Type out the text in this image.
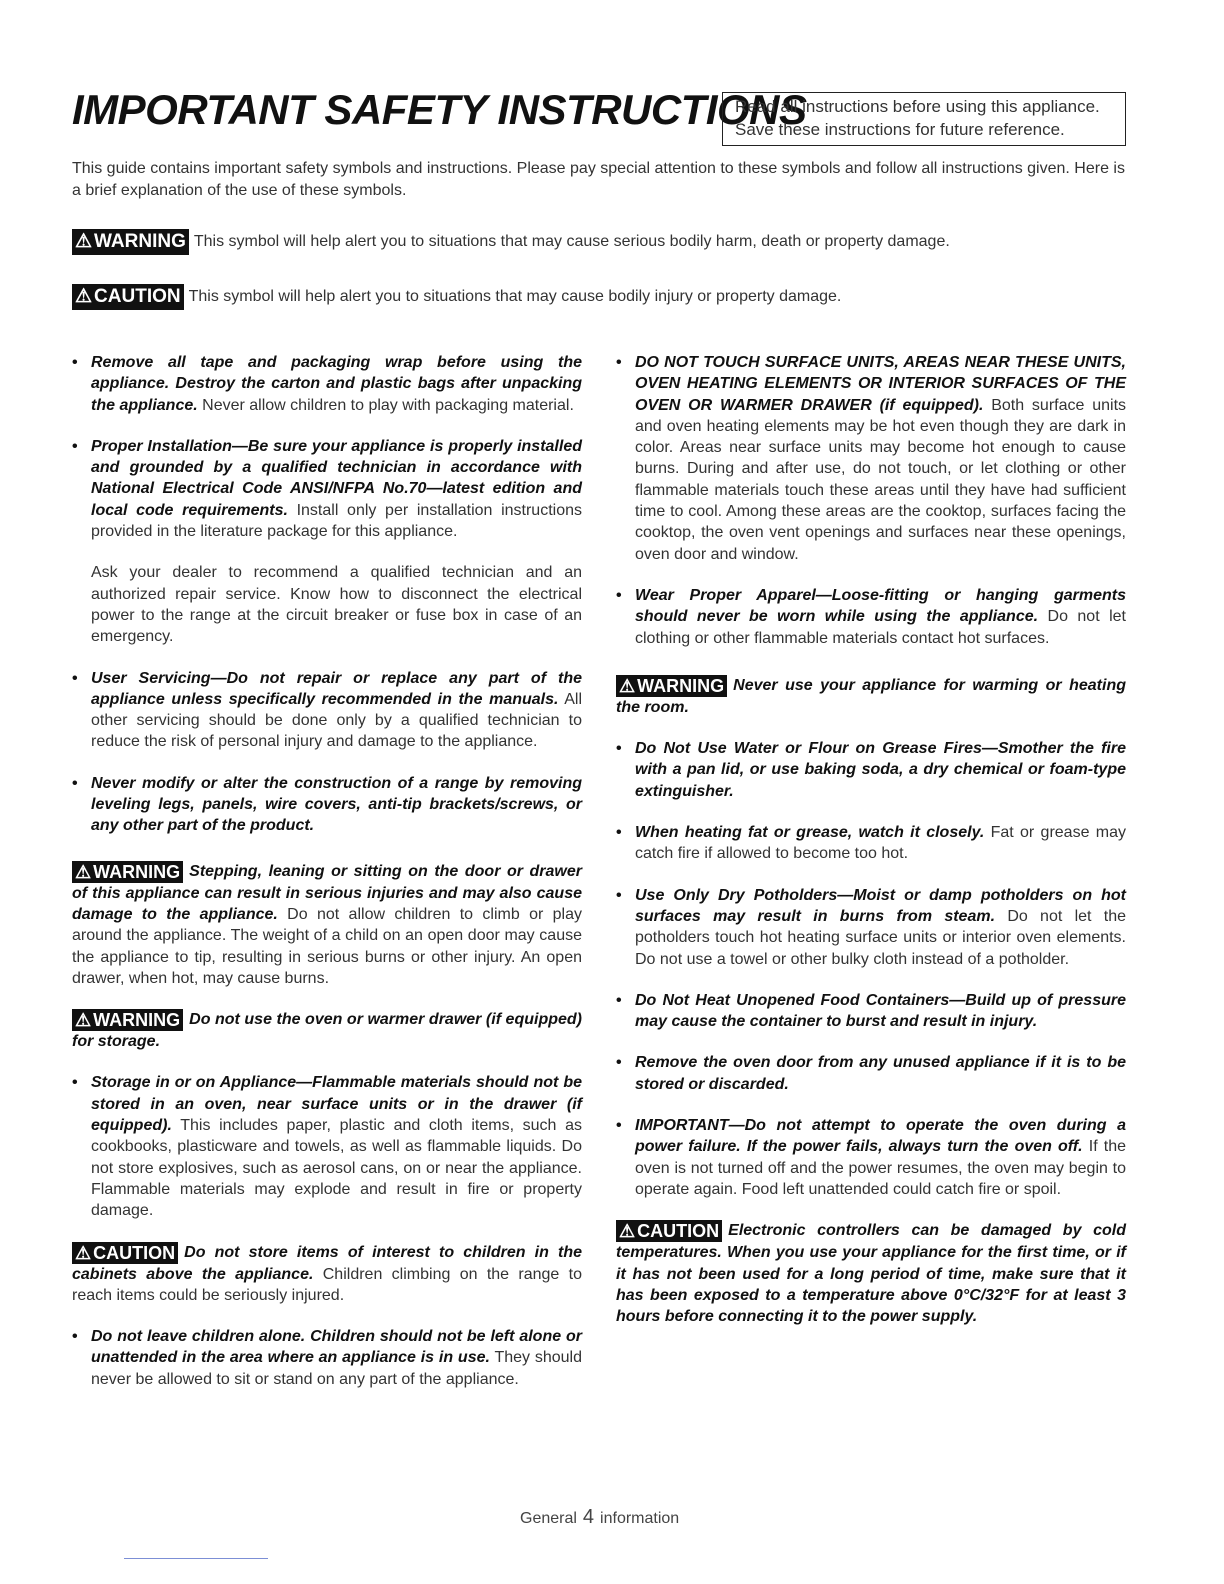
IMPORTANT SAFETY INSTRUCTIONS
Read all instructions before using this appliance.
Save these instructions for future reference.

This guide contains important safety symbols and instructions. Please pay special attention to these symbols and follow all instructions given. Here is a brief explanation of the use of these symbols.

⚠ WARNING This symbol will help alert you to situations that may cause serious bodily harm, death or property damage.
⚠ CAUTION This symbol will help alert you to situations that may cause bodily injury or property damage.
• Remove all tape and packaging wrap before using the appliance. Destroy the carton and plastic bags after unpacking the appliance. Never allow children to play with packaging material.
• Proper Installation—Be sure your appliance is properly installed and grounded by a qualified technician in accordance with National Electrical Code ANSI/NFPA No.70—latest edition and local code requirements. Install only per installation instructions provided in the literature package for this appliance.

Ask your dealer to recommend a qualified technician and an authorized repair service. Know how to disconnect the electrical power to the range at the circuit breaker or fuse box in case of an emergency.

• User Servicing—Do not repair or replace any part of the appliance unless specifically recommended in the manuals. All other servicing should be done only by a qualified technician to reduce the risk of personal injury and damage to the appliance.
• Never modify or alter the construction of a range by removing leveling legs, panels, wire covers, anti-tip brackets/screws, or any other part of the product.
⚠ WARNING Stepping, leaning or sitting on the door or drawer of this appliance can result in serious injuries and may also cause damage to the appliance. Do not allow children to climb or play around the appliance. The weight of a child on an open door may cause the appliance to tip, resulting in serious burns or other injury. An open drawer, when hot, may cause burns.
⚠ WARNING Do not use the oven or warmer drawer (if equipped) for storage.
• Storage in or on Appliance—Flammable materials should not be stored in an oven, near surface units or in the drawer (if equipped). This includes paper, plastic and cloth items, such as cookbooks, plasticware and towels, as well as flammable liquids. Do not store explosives, such as aerosol cans, on or near the appliance. Flammable materials may explode and result in fire or property damage.
⚠ CAUTION Do not store items of interest to children in the cabinets above the appliance. Children climbing on the range to reach items could be seriously injured.
• Do not leave children alone. Children should not be left alone or unattended in the area where an appliance is in use. They should never be allowed to sit or stand on any part of the appliance.
• DO NOT TOUCH SURFACE UNITS, AREAS NEAR THESE UNITS, OVEN HEATING ELEMENTS OR INTERIOR SURFACES OF THE OVEN OR WARMER DRAWER (if equipped). Both surface units and oven heating elements may be hot even though they are dark in color. Areas near surface units may become hot enough to cause burns. During and after use, do not touch, or let clothing or other flammable materials touch these areas until they have had sufficient time to cool. Among these areas are the cooktop, surfaces facing the cooktop, the oven vent openings and surfaces near these openings, oven door and window.
• Wear Proper Apparel—Loose-fitting or hanging garments should never be worn while using the appliance. Do not let clothing or other flammable materials contact hot surfaces.
⚠ WARNING Never use your appliance for warming or heating the room.
• Do Not Use Water or Flour on Grease Fires—Smother the fire with a pan lid, or use baking soda, a dry chemical or foam-type extinguisher.
• When heating fat or grease, watch it closely. Fat or grease may catch fire if allowed to become too hot.
• Use Only Dry Potholders—Moist or damp potholders on hot surfaces may result in burns from steam. Do not let the potholders touch hot heating surface units or interior oven elements. Do not use a towel or other bulky cloth instead of a potholder.
• Do Not Heat Unopened Food Containers—Build up of pressure may cause the container to burst and result in injury.
• Remove the oven door from any unused appliance if it is to be stored or discarded.
• IMPORTANT—Do not attempt to operate the oven during a power failure. If the power fails, always turn the oven off. If the oven is not turned off and the power resumes, the oven may begin to operate again. Food left unattended could catch fire or spoil.
⚠ CAUTION Electronic controllers can be damaged by cold temperatures. When you use your appliance for the first time, or if it has not been used for a long period of time, make sure that it has been exposed to a temperature above 0°C/32°F for at least 3 hours before connecting it to the power supply.
General 4 information
